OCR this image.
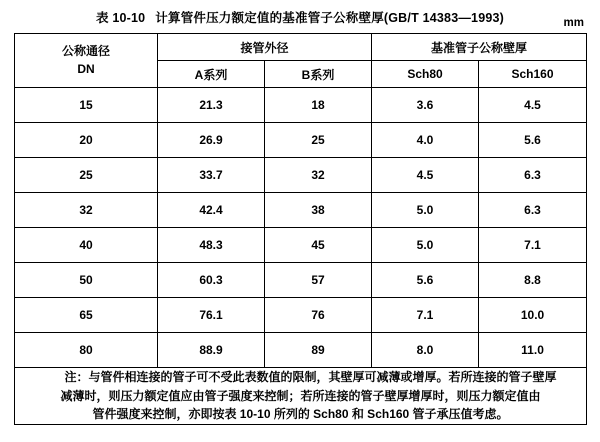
表 10-10 计算管件压力额定值的基准管子公称壁厚(GB/T 14383—1993)	mm
公称通径
DN	接管外径		基准管子公称壁厚	
	A系列	B系列	Sch80	Sch160
15	21.3	18	3.6	4.5
20	26.9	25	4.0	5.6
25	33.7	32	4.5	6.3
32	42.4	38	5.0	6.3
40	48.3	45	5.0	7.1
50	60.3	57	5.6	8.8
65	76.1	76	7.1	10.0
80	88.9	89	8.0	11.0

注：与管件相连接的管子可不受此表数值的限制，其壁厚可减薄或增厚。若所连接的管子壁厚
减薄时，则压力额定值应由管子强度来控制；若所连接的管子壁厚增厚时，则压力额定值由
管件强度来控制，亦即按表 10-10 所列的 Sch80 和 Sch160 管子承压值考虑。				
